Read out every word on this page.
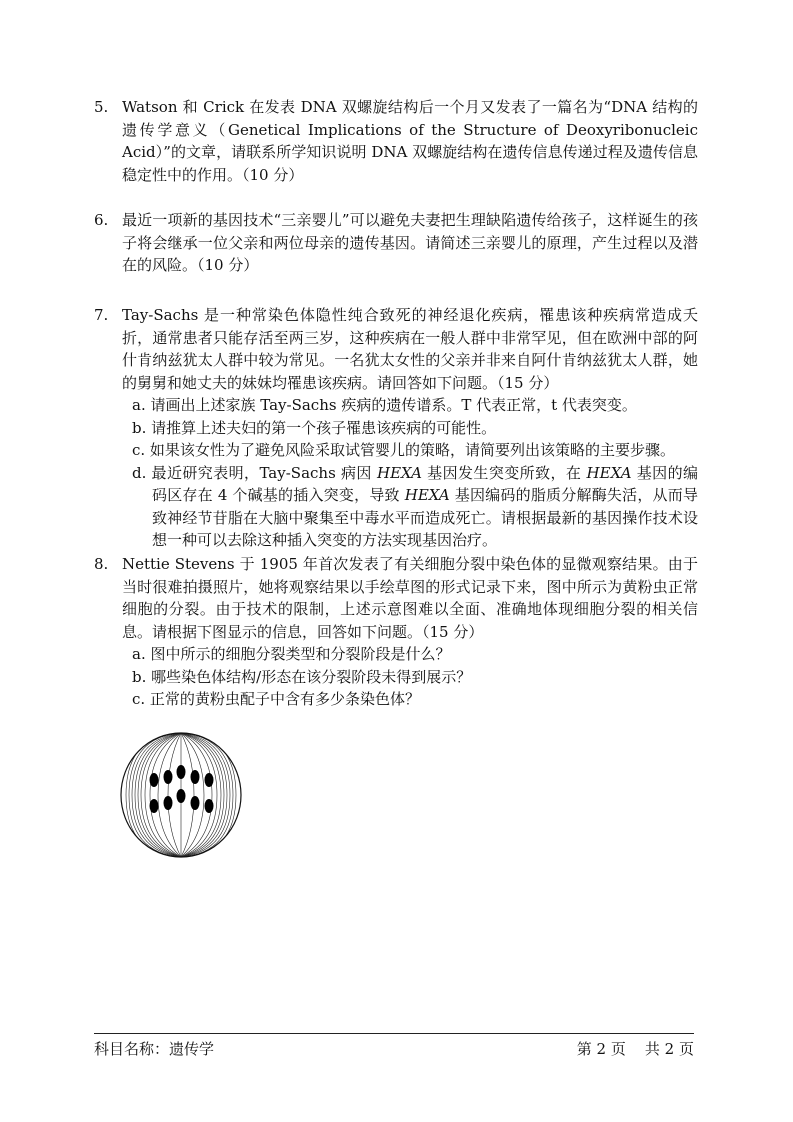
5. Watson 和 Crick 在发表 DNA 双螺旋结构后一个月又发表了一篇名为“DNA 结构的遗传学意义（Genetical Implications of the Structure of Deoxyribonucleic Acid）”的文章，请联系所学知识说明 DNA 双螺旋结构在遗传信息传递过程及遗传信息稳定性中的作用。（10 分）
6. 最近一项新的基因技术“三亲婴儿”可以避免夫妻把生理缺陷遗传给孩子，这样诞生的孩子将会继承一位父亲和两位母亲的遗传基因。请简述三亲婴儿的原理，产生过程以及潜在的风险。（10 分）
7. Tay-Sachs 是一种常染色体隐性纯合致死的神经退化疾病，罹患该种疾病常造成夭折，通常患者只能存活至两三岁，这种疾病在一般人群中非常罕见，但在欧洲中部的阿什肯纳兹犹太人群中较为常见。一名犹太女性的父亲并非来自阿什肯纳兹犹太人群，她的舅舅和她丈夫的妹妹均罹患该疾病。请回答如下问题。（15 分）
a. 请画出上述家族 Tay-Sachs 疾病的遗传谱系。T 代表正常，t 代表突变。
b. 请推算上述夫妇的第一个孩子罹患该疾病的可能性。
c. 如果该女性为了避免风险采取试管婴儿的策略，请简要列出该策略的主要步骤。
d. 最近研究表明，Tay-Sachs 病因 HEXA 基因发生突变所致，在 HEXA 基因的编码区存在 4 个碱基的插入突变，导致 HEXA 基因编码的脂质分解酶失活，从而导致神经节苷脂在大脑中聚集至中毒水平而造成死亡。请根据最新的基因操作技术设想一种可以去除这种插入突变的方法实现基因治疗。
8. Nettie Stevens 于 1905 年首次发表了有关细胞分裂中染色体的显微观察结果。由于当时很难拍摄照片，她将观察结果以手绘草图的形式记录下来，图中所示为黄粉虫正常细胞的分裂。由于技术的限制，上述示意图难以全面、准确地体现细胞分裂的相关信息。请根据下图显示的信息，回答如下问题。（15 分）
a. 图中所示的细胞分裂类型和分裂阶段是什么？
b. 哪些染色体结构/形态在该分裂阶段未得到展示？
c. 正常的黄粉虫配子中含有多少条染色体？
科目名称：遗传学	第 2 页    共 2 页
